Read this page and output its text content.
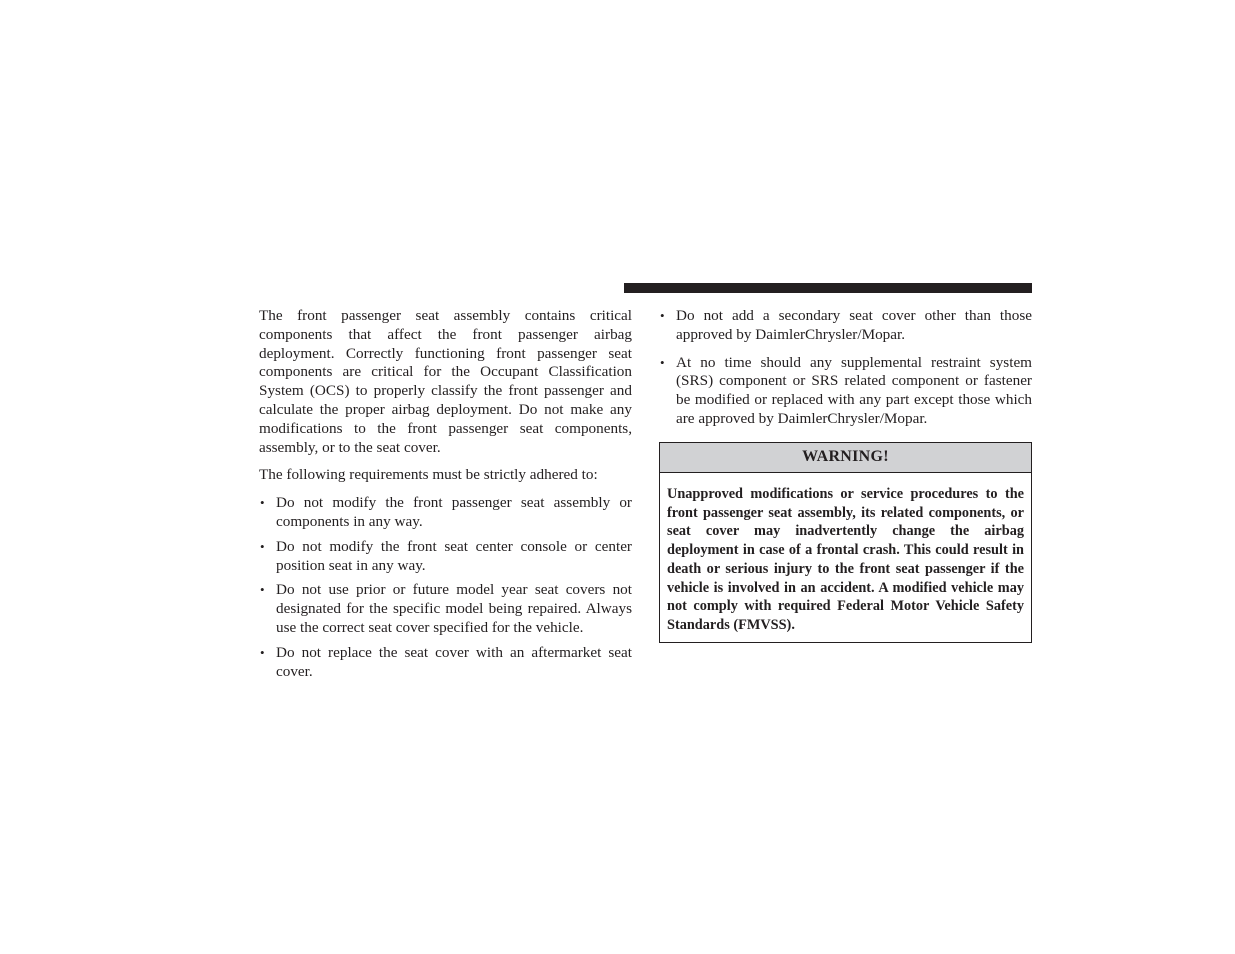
The front passenger seat assembly contains critical components that affect the front passenger airbag deployment. Correctly functioning front passenger seat components are critical for the Occupant Classification System (OCS) to properly classify the front passenger and calculate the proper airbag deployment. Do not make any modifications to the front passenger seat components, assembly, or to the seat cover.

The following requirements must be strictly adhered to:

• Do not modify the front passenger seat assembly or components in any way.
• Do not modify the front seat center console or center position seat in any way.
• Do not use prior or future model year seat covers not designated for the specific model being repaired. Always use the correct seat cover specified for the vehicle.
• Do not replace the seat cover with an aftermarket seat cover.
• Do not add a secondary seat cover other than those approved by DaimlerChrysler/Mopar.
• At no time should any supplemental restraint system (SRS) component or SRS related component or fastener be modified or replaced with any part except those which are approved by DaimlerChrysler/Mopar.
WARNING!
Unapproved modifications or service procedures to the front passenger seat assembly, its related components, or seat cover may inadvertently change the airbag deployment in case of a frontal crash. This could result in death or serious injury to the front seat passenger if the vehicle is involved in an accident. A modified vehicle may not comply with required Federal Motor Vehicle Safety Standards (FMVSS).
